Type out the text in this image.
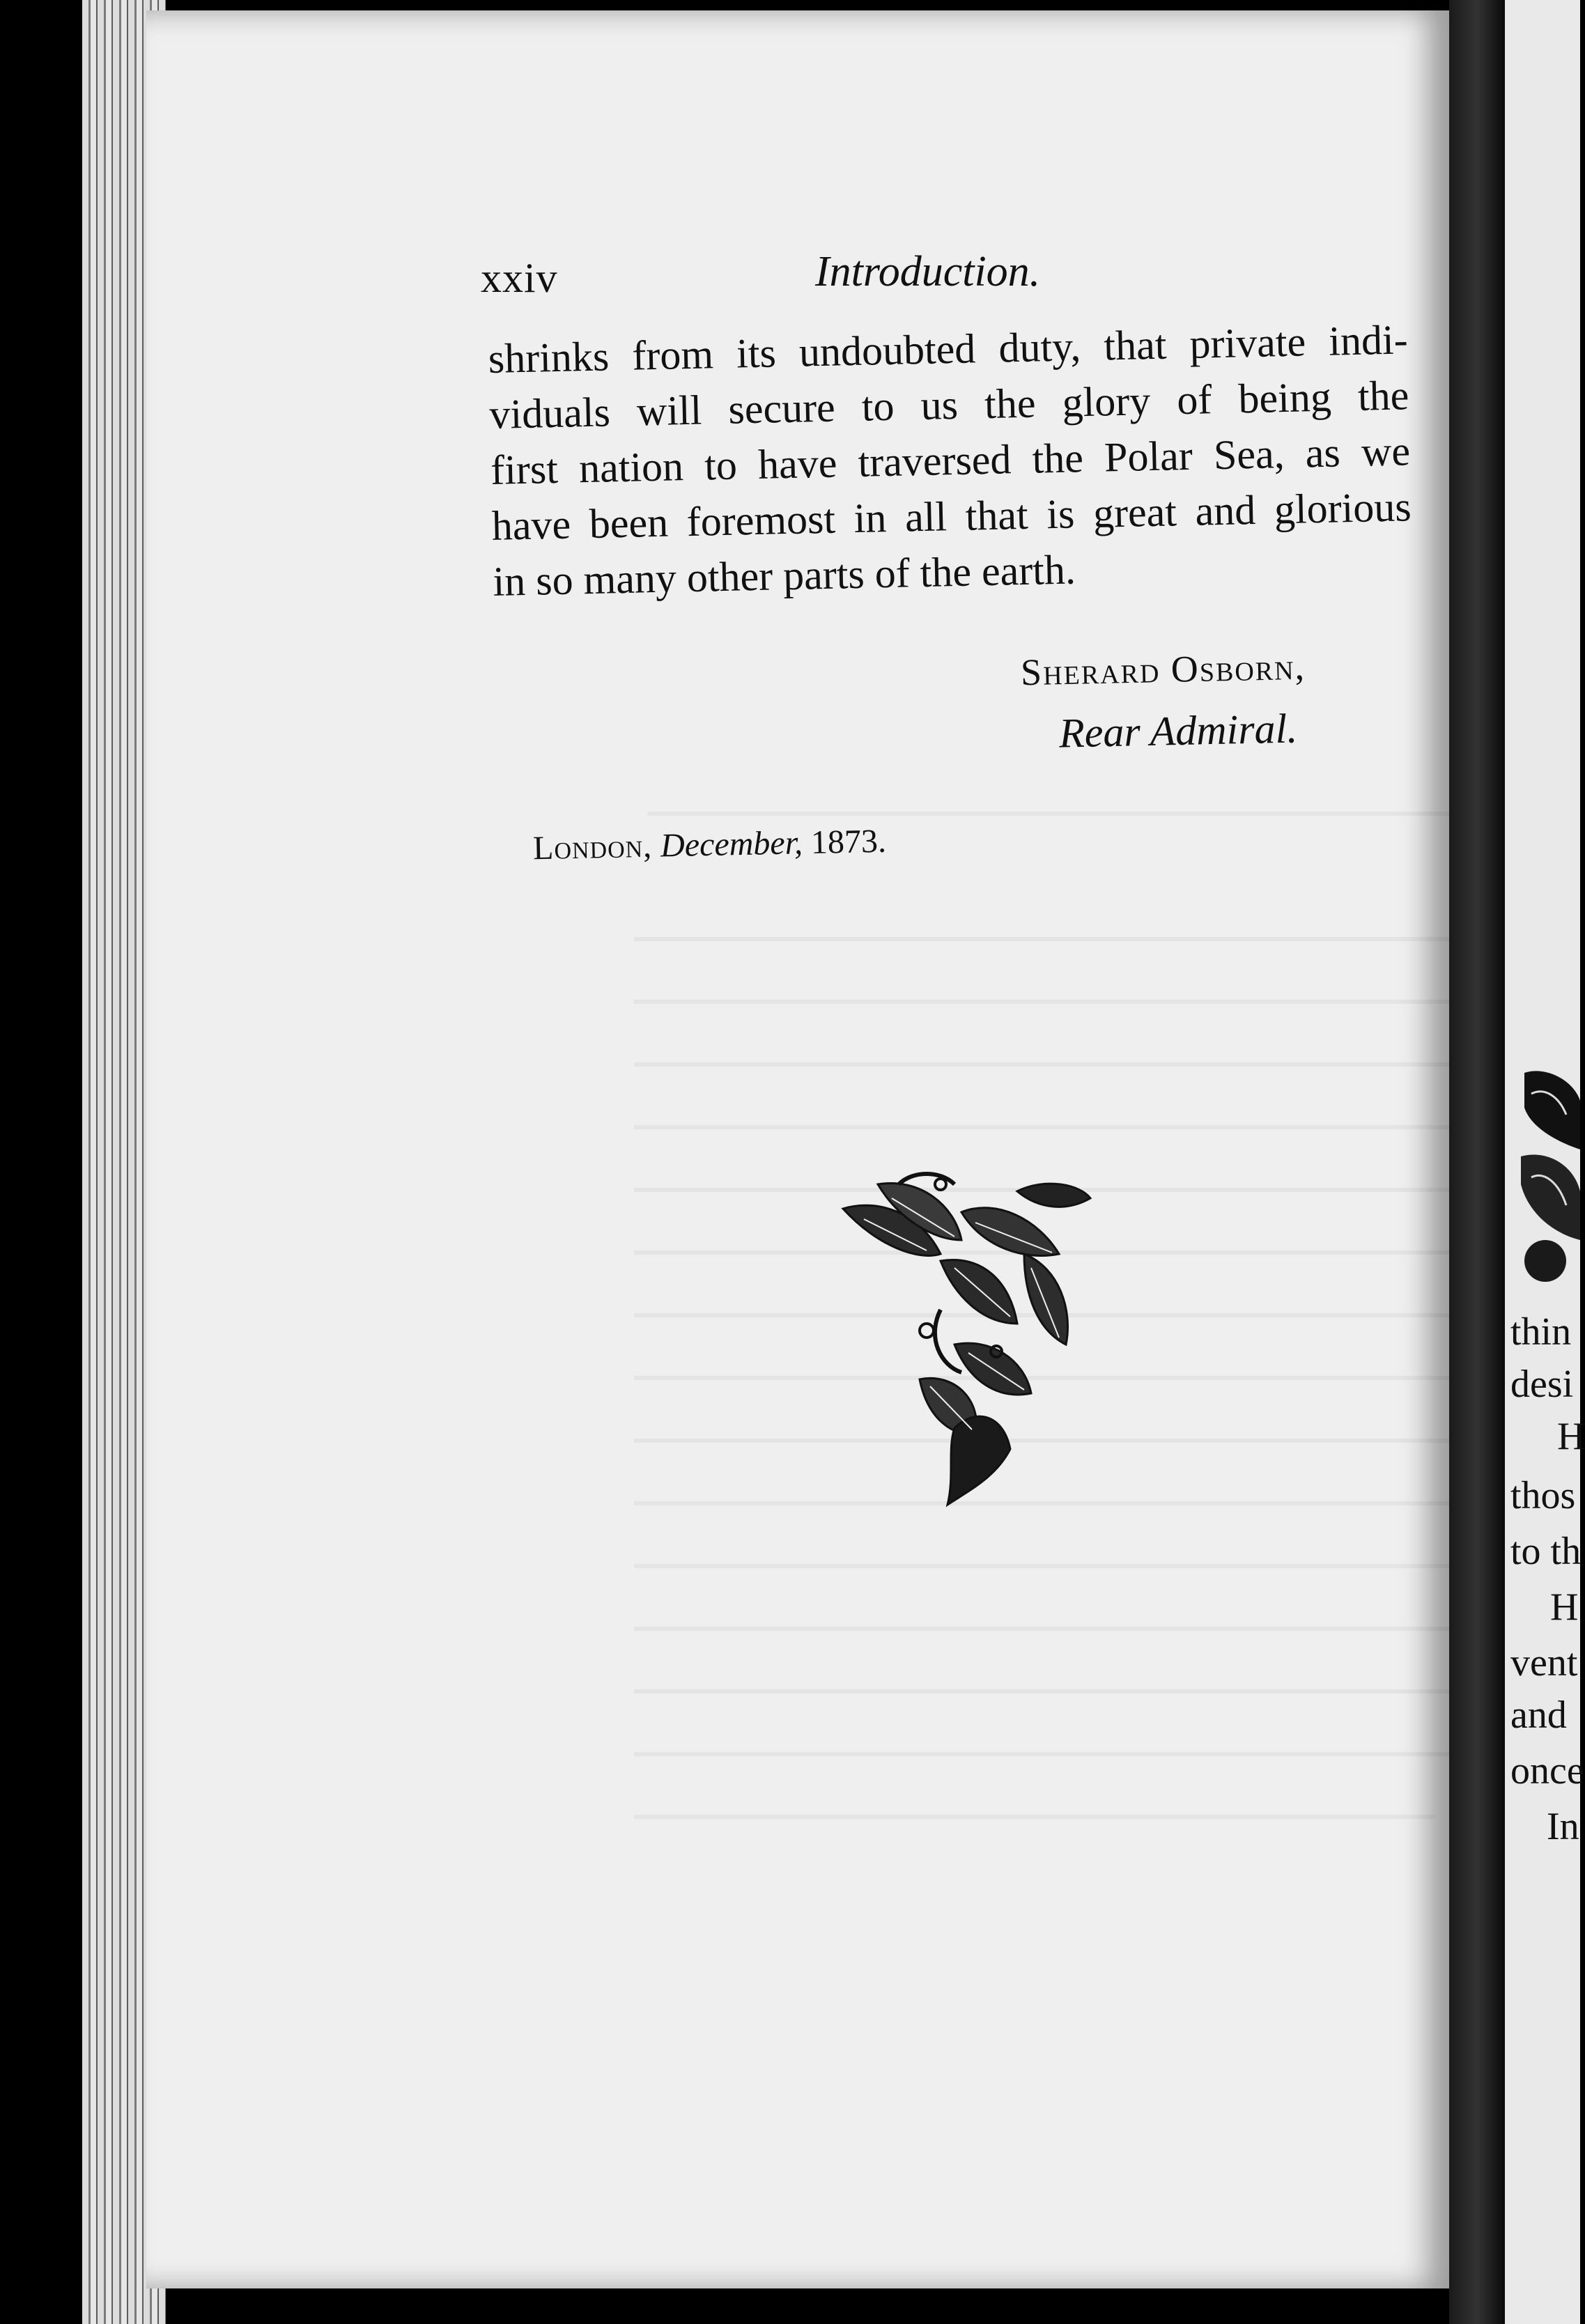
xxiv	Introduction.
shrinks from its undoubted duty, that private indi-
viduals will secure to us the glory of being the
first nation to have traversed the Polar Sea, as we
have been foremost in all that is great and glorious
in so many other parts of the earth.
Sherard Osborn,
Rear Admiral.
London, December, 1873.
thin
desi
H
thos
to th
H
vent
and
once
In
